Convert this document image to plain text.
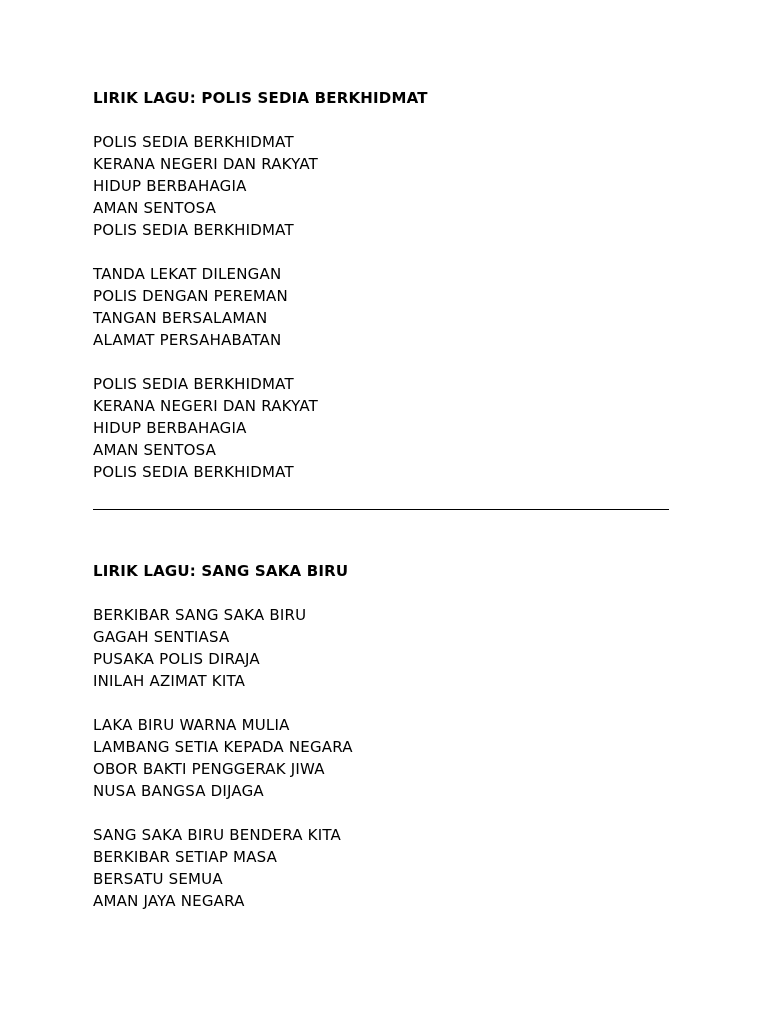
LIRIK LAGU: POLIS SEDIA BERKHIDMAT
POLIS SEDIA BERKHIDMAT
KERANA NEGERI DAN RAKYAT
HIDUP BERBAHAGIA
AMAN SENTOSA
POLIS SEDIA BERKHIDMAT
TANDA LEKAT DILENGAN
POLIS DENGAN PEREMAN
TANGAN BERSALAMAN
ALAMAT PERSAHABATAN
POLIS SEDIA BERKHIDMAT
KERANA NEGERI DAN RAKYAT
HIDUP BERBAHAGIA
AMAN SENTOSA
POLIS SEDIA BERKHIDMAT
LIRIK LAGU: SANG SAKA BIRU
BERKIBAR SANG SAKA BIRU
GAGAH SENTIASA
PUSAKA POLIS DIRAJA
INILAH AZIMAT KITA
LAKA BIRU WARNA MULIA
LAMBANG SETIA KEPADA NEGARA
OBOR BAKTI PENGGERAK JIWA
NUSA BANGSA DIJAGA
SANG SAKA BIRU BENDERA KITA
BERKIBAR SETIAP MASA
BERSATU SEMUA
AMAN JAYA NEGARA
